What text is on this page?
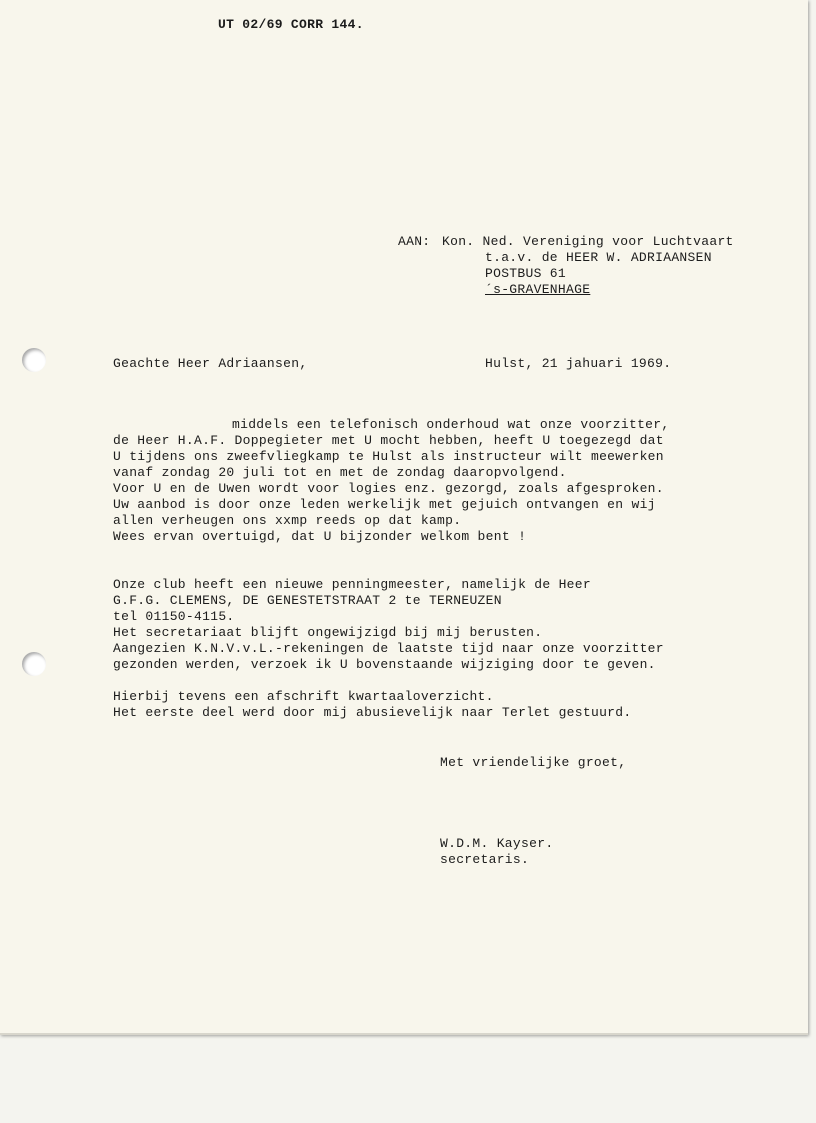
UT 02/69 CORR 144.
AAN: Kon. Ned. Vereniging voor Luchtvaart
t.a.v. de HEER W. ADRIAANSEN
POSTBUS 61
´s-GRAVENHAGE
Geachte Heer Adriaansen,	Hulst, 21 jahuari 1969.
middels een telefonisch onderhoud wat onze voorzitter,
de Heer H.A.F. Doppegieter met U mocht hebben, heeft U toegezegd dat
U tijdens ons zweefvliegkamp te Hulst als instructeur wilt meewerken
vanaf zondag 20 juli tot en met de zondag daaropvolgend.
Voor U en de Uwen wordt voor logies enz. gezorgd, zoals afgesproken.
Uw aanbod is door onze leden werkelijk met gejuich ontvangen en wij
allen verheugen ons xxmp reeds op dat kamp.
Wees ervan overtuigd, dat U bijzonder welkom bent !
Onze club heeft een nieuwe penningmeester, namelijk de Heer
G.F.G. CLEMENS, DE GENESTETSTRAAT 2 te TERNEUZEN
tel 01150-4115.
Het secretariaat blijft ongewijzigd bij mij berusten.
Aangezien K.N.V.v.L.-rekeningen de laatste tijd naar onze voorzitter
gezonden werden, verzoek ik U bovenstaande wijziging door te geven.
Hierbij tevens een afschrift kwartaaloverzicht.
Het eerste deel werd door mij abusievelijk naar Terlet gestuurd.
Met vriendelijke groet,
W.D.M. Kayser.
secretaris.
